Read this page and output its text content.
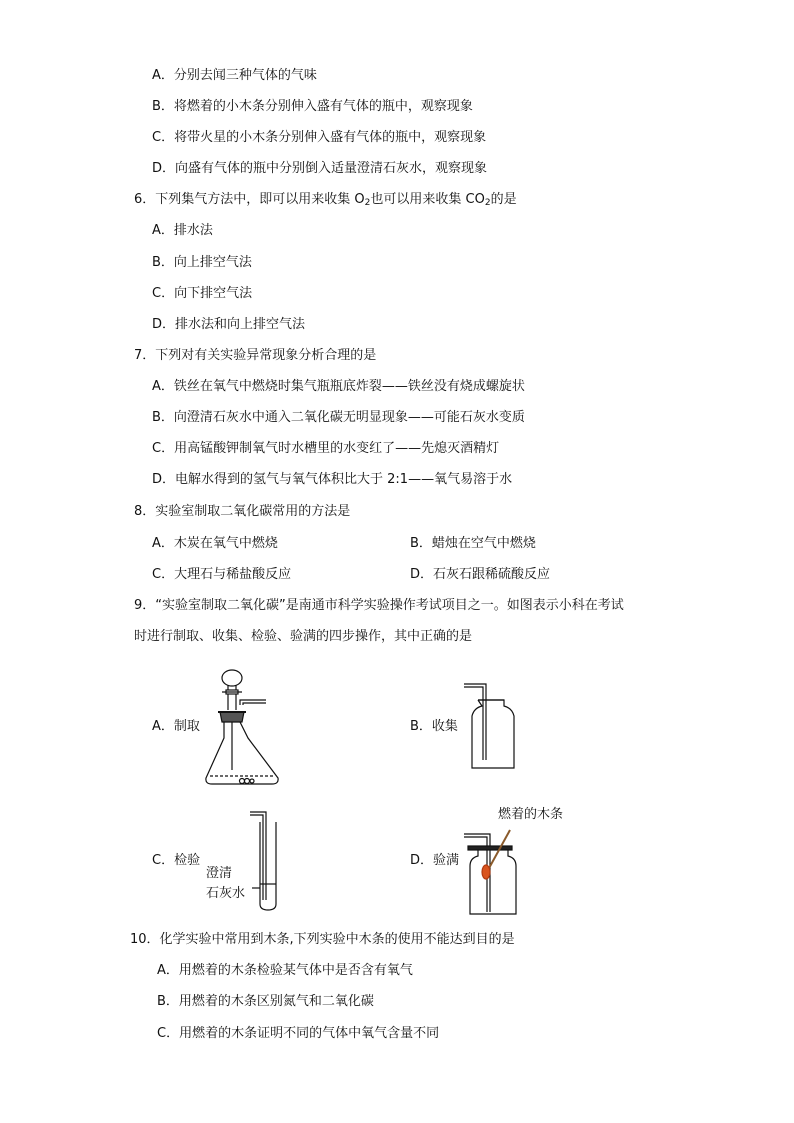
A．分别去闻三种气体的气味
B．将燃着的小木条分别伸入盛有气体的瓶中，观察现象
C．将带火星的小木条分别伸入盛有气体的瓶中，观察现象
D．向盛有气体的瓶中分别倒入适量澄清石灰水，观察现象
6．下列集气方法中，即可以用来收集 $O_2$也可以用来收集 $CO_2$的是
A．排水法
B．向上排空气法
C．向下排空气法
D．排水法和向上排空气法
7．下列对有关实验异常现象分析合理的是
A．铁丝在氧气中燃烧时集气瓶瓶底炸裂——铁丝没有烧成螺旋状
B．向澄清石灰水中通入二氧化碳无明显现象——可能石灰水变质
C．用高锰酸钾制氧气时水槽里的水变红了——先熄灭酒精灯
D．电解水得到的氢气与氧气体积比大于 2:1——氧气易溶于水
8．实验室制取二氧化碳常用的方法是
A．木炭在氧气中燃烧	B．蜡烛在空气中燃烧
C．大理石与稀盐酸反应	D．石灰石跟稀硫酸反应
9．“实验室制取二氧化碳”是南通市科学实验操作考试项目之一。如图表示小科在考试
时进行制取、收集、检验、验满的四步操作，其中正确的是
A．制取	B．收集
C．检验	D．验满
澄清
石灰水
燃着的木条
10．化学实验中常用到木条,下列实验中木条的使用不能达到目的是
A．用燃着的木条检验某气体中是否含有氧气
B．用燃着的木条区别氮气和二氧化碳
C．用燃着的木条证明不同的气体中氧气含量不同
